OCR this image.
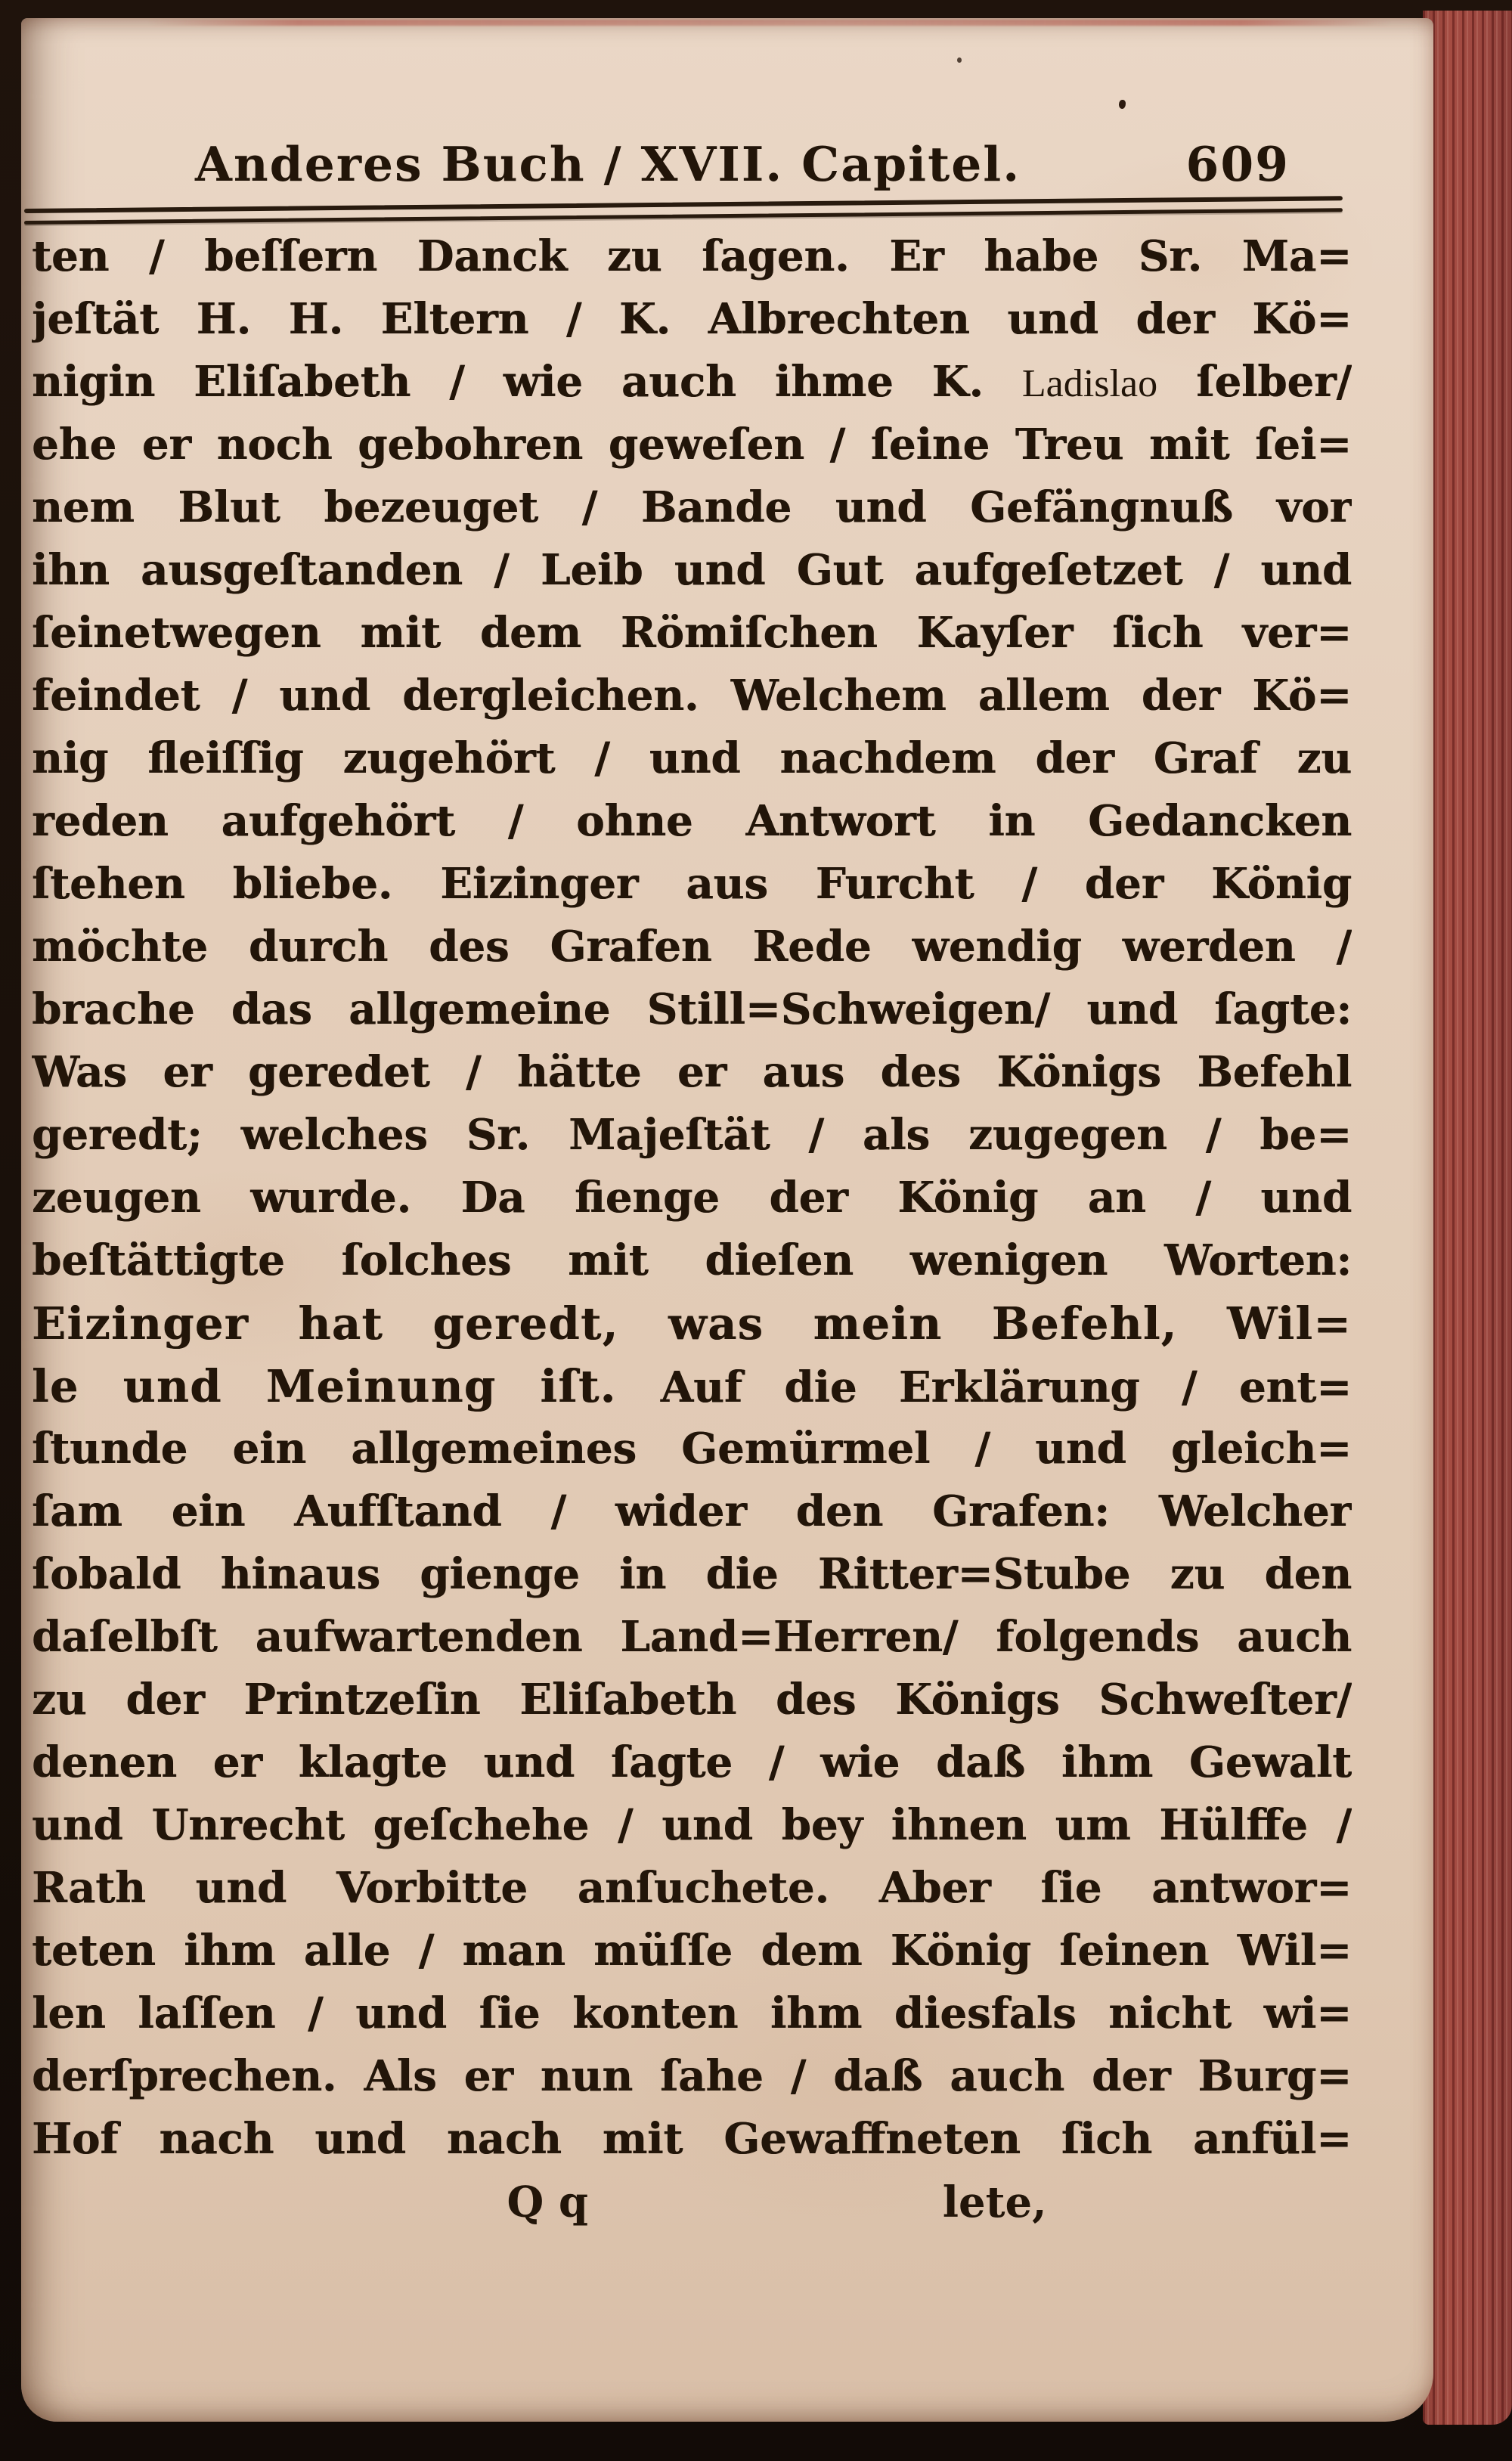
Anderes Buch / XVII. Capitel.	609
ten / beſſern Danck zu ſagen. Er habe Sr. Ma=
jeſtät H. H. Eltern / K. Albrechten und der Kö=
nigin Eliſabeth / wie auch ihme K. Ladislao ſelber/
ehe er noch gebohren geweſen / ſeine Treu mit ſei=
nem Blut bezeuget / Bande und Gefängnuß vor
ihn ausgeſtanden / Leib und Gut aufgeſetzet / und
ſeinetwegen mit dem Römiſchen Kayſer ſich ver=
feindet / und dergleichen. Welchem allem der Kö=
nig fleiſſig zugehört / und nachdem der Graf zu
reden aufgehört / ohne Antwort in Gedancken
ſtehen bliebe. Eizinger aus Furcht / der König
möchte durch des Grafen Rede wendig werden /
brache das allgemeine Still=Schweigen/ und ſagte:
Was er geredet / hätte er aus des Königs Befehl
geredt; welches Sr. Majeſtät / als zugegen / be=
zeugen wurde. Da fienge der König an / und
beſtättigte ſolches mit dieſen wenigen Worten:
Eizinger hat geredt, was mein Befehl, Wil=
le und Meinung iſt. Auf die Erklärung / ent=
ſtunde ein allgemeines Gemürmel / und gleich=
ſam ein Aufſtand / wider den Grafen: Welcher
ſobald hinaus gienge in die Ritter=Stube zu den
daſelbſt aufwartenden Land=Herren/ folgends auch
zu der Printzeſin Eliſabeth des Königs Schweſter/
denen er klagte und ſagte / wie daß ihm Gewalt
und Unrecht geſchehe / und bey ihnen um Hülffe /
Rath und Vorbitte anſuchete. Aber ſie antwor=
teten ihm alle / man müſſe dem König ſeinen Wil=
len laſſen / und ſie konten ihm diesfals nicht wi=
derſprechen. Als er nun ſahe / daß auch der Burg=
Hof nach und nach mit Gewaffneten ſich anfül=
Q q	lete,
